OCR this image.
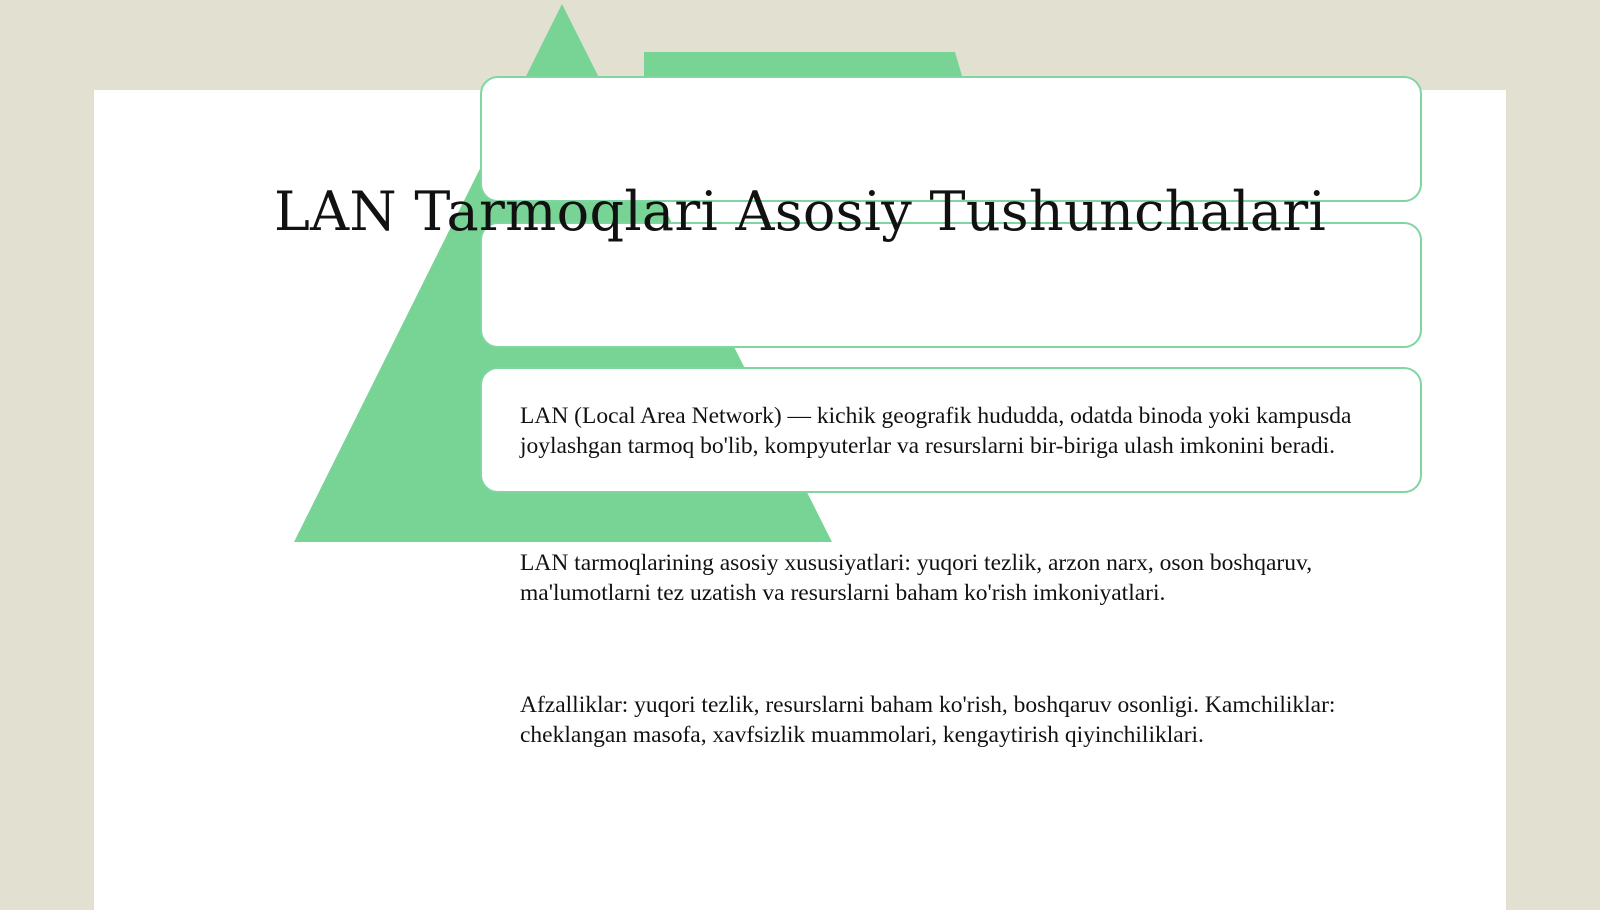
LAN Tarmoqlari Asosiy Tushunchalari

LAN (Local Area Network) — kichik geografik hududda, odatda binoda yoki kampusda joylashgan tarmoq bo'lib, kompyuterlar va resurslarni bir-biriga ulash imkonini beradi.

LAN tarmoqlarining asosiy xususiyatlari: yuqori tezlik, arzon narx, oson boshqaruv, ma'lumotlarni tez uzatish va resurslarni baham ko'rish imkoniyatlari.

Afzalliklar: yuqori tezlik, resurslarni baham ko'rish, boshqaruv osonligi. Kamchiliklar: cheklangan masofa, xavfsizlik muammolari, kengaytirish qiyinchiliklari.
